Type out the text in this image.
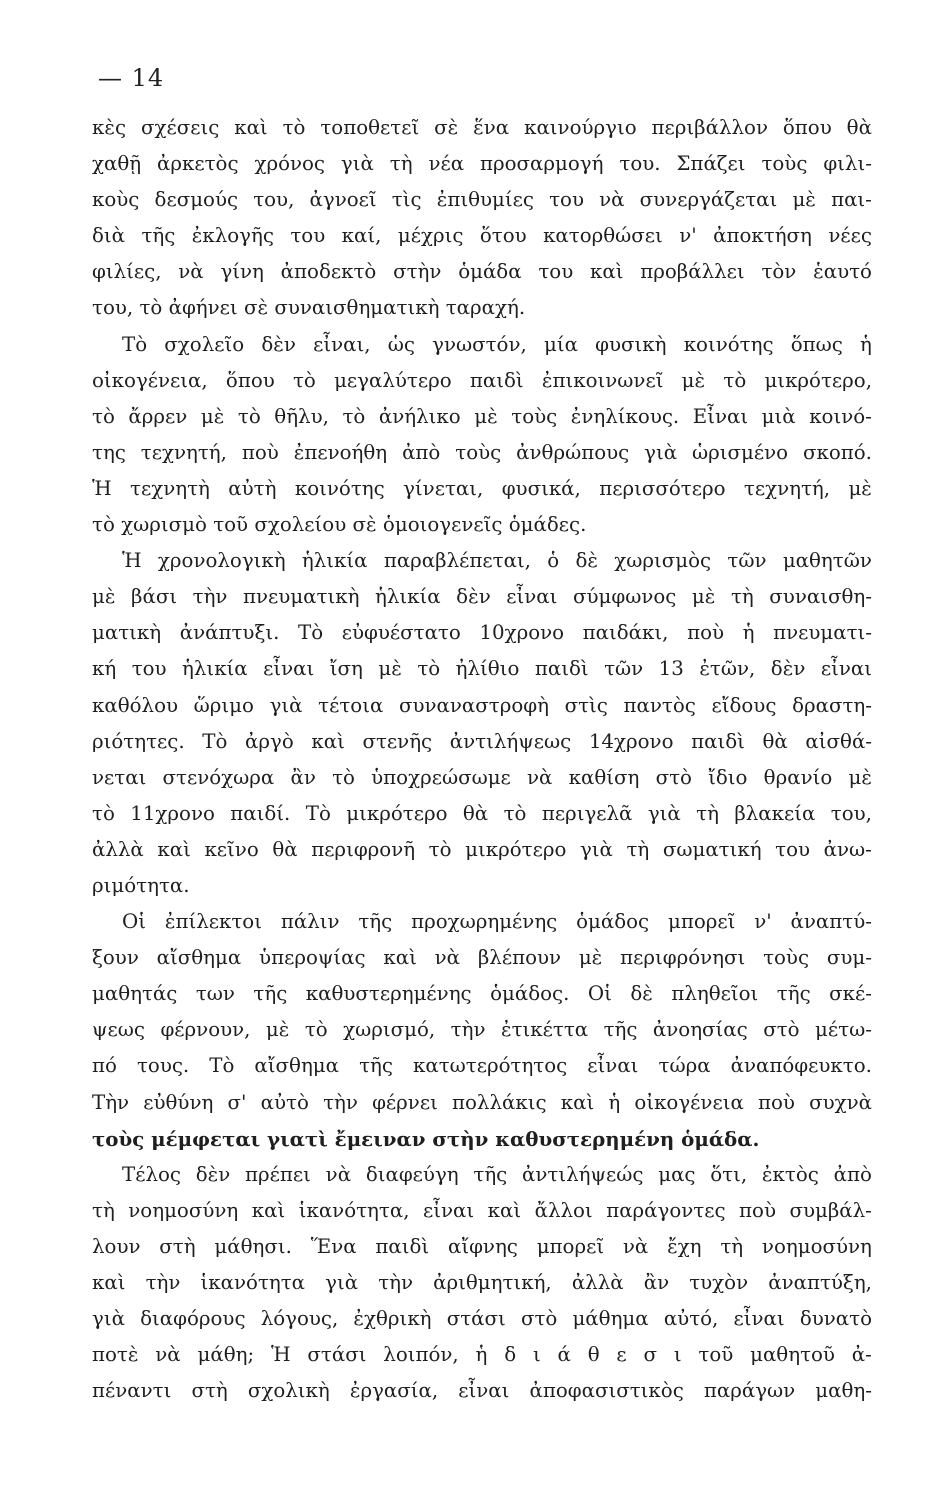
— 14
κὲς σχέσεις καὶ τὸ τοποθετεῖ σὲ ἕνα καινούργιο περιβάλλον ὅπου θὰ
χαθῇ ἀρκετὸς χρόνος γιὰ τὴ νέα προσαρμογή του. Σπάζει τοὺς φιλι-
κοὺς δεσμούς του, ἀγνοεῖ τὶς ἐπιθυμίες του νὰ συνεργάζεται μὲ παι-
διὰ τῆς ἐκλογῆς του καί, μέχρις ὅτου κατορθώσει ν' ἀποκτήση νέες
φιλίες, νὰ γίνη ἀποδεκτὸ στὴν ὁμάδα του καὶ προβάλλει τὸν ἑαυτό
του, τὸ ἀφήνει σὲ συναισθηματικὴ ταραχή.
Τὸ σχολεῖο δὲν εἶναι, ὡς γνωστόν, μία φυσικὴ κοινότης ὅπως ἡ
οἰκογένεια, ὅπου τὸ μεγαλύτερο παιδὶ ἐπικοινωνεῖ μὲ τὸ μικρότερο,
τὸ ἄρρεν μὲ τὸ θῆλυ, τὸ ἀνήλικο μὲ τοὺς ἐνηλίκους. Εἶναι μιὰ κοινό-
της τεχνητή, ποὺ ἐπενοήθη ἀπὸ τοὺς ἀνθρώπους γιὰ ὡρισμένο σκοπό.
Ἡ τεχνητὴ αὐτὴ κοινότης γίνεται, φυσικά, περισσότερο τεχνητή, μὲ
τὸ χωρισμὸ τοῦ σχολείου σὲ ὁμοιογενεῖς ὁμάδες.
Ἡ χρονολογικὴ ἡλικία παραβλέπεται, ὁ δὲ χωρισμὸς τῶν μαθητῶν
μὲ βάσι τὴν πνευματικὴ ἡλικία δὲν εἶναι σύμφωνος μὲ τὴ συναισθη-
ματικὴ ἀνάπτυξι. Τὸ εὐφυέστατο 10χρονο παιδάκι, ποὺ ἡ πνευματι-
κή του ἡλικία εἶναι ἴση μὲ τὸ ἠλίθιο παιδὶ τῶν 13 ἐτῶν, δὲν εἶναι
καθόλου ὥριμο γιὰ τέτοια συναναστροφὴ στὶς παντὸς εἴδους δραστη-
ριότητες. Τὸ ἀργὸ καὶ στενῆς ἀντιλήψεως 14χρονο παιδὶ θὰ αἰσθά-
νεται στενόχωρα ἂν τὸ ὑποχρεώσωμε νὰ καθίση στὸ ἴδιο θρανίο μὲ
τὸ 11χρονο παιδί. Τὸ μικρότερο θὰ τὸ περιγελᾶ γιὰ τὴ βλακεία του,
ἀλλὰ καὶ κεῖνο θὰ περιφρονῆ τὸ μικρότερο γιὰ τὴ σωματική του ἀνω-
ριμότητα.
Οἱ ἐπίλεκτοι πάλιν τῆς προχωρημένης ὁμάδος μπορεῖ ν' ἀναπτύ-
ξουν αἴσθημα ὑπεροψίας καὶ νὰ βλέπουν μὲ περιφρόνησι τοὺς συμ-
μαθητάς των τῆς καθυστερημένης ὁμάδος. Οἱ δὲ πληθεῖοι τῆς σκέ-
ψεως φέρνουν, μὲ τὸ χωρισμό, τὴν ἐτικέττα τῆς ἀνοησίας στὸ μέτω-
πό τους. Τὸ αἴσθημα τῆς κατωτερότητος εἶναι τώρα ἀναπόφευκτο.
Τὴν εὐθύνη σ' αὐτὸ τὴν φέρνει πολλάκις καὶ ἡ οἰκογένεια ποὺ συχνὰ
τοὺς μέμφεται γιατὶ ἔμειναν στὴν καθυστερημένη ὁμάδα.
Τέλος δὲν πρέπει νὰ διαφεύγη τῆς ἀντιλήψεώς μας ὅτι, ἐκτὸς ἀπὸ
τὴ νοημοσύνη καὶ ἱκανότητα, εἶναι καὶ ἄλλοι παράγοντες ποὺ συμβάλ-
λουν στὴ μάθησι. Ἕνα παιδὶ αἴφνης μπορεῖ νὰ ἔχη τὴ νοημοσύνη
καὶ τὴν ἱκανότητα γιὰ τὴν ἀριθμητική, ἀλλὰ ἂν τυχὸν ἀναπτύξη,
γιὰ διαφόρους λόγους, ἐχθρικὴ στάσι στὸ μάθημα αὐτό, εἶναι δυνατὸ
ποτὲ νὰ μάθη; Ἡ στάσι λοιπόν, ἡ δ ι ά θ ε σ ι τοῦ μαθητοῦ ἀ-
πέναντι στὴ σχολικὴ ἐργασία, εἶναι ἀποφασιστικὸς παράγων μαθη-
